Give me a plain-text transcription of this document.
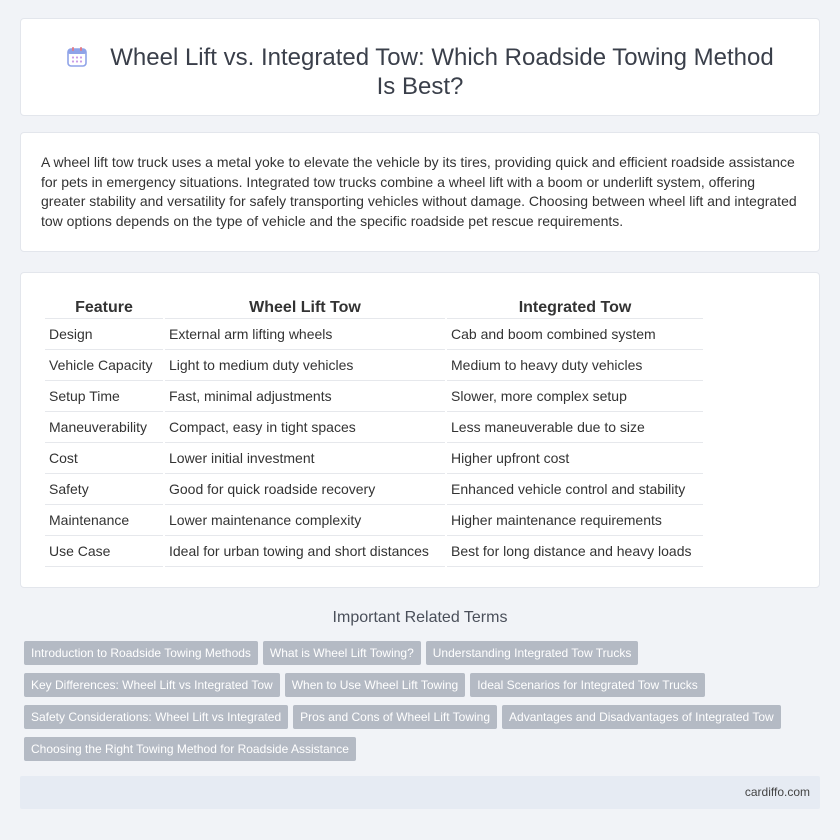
Wheel Lift vs. Integrated Tow: Which Roadside Towing Method Is Best?

A wheel lift tow truck uses a metal yoke to elevate the vehicle by its tires, providing quick and efficient roadside assistance for pets in emergency situations. Integrated tow trucks combine a wheel lift with a boom or underlift system, offering greater stability and versatility for safely transporting vehicles without damage. Choosing between wheel lift and integrated tow options depends on the type of vehicle and the specific roadside pet rescue requirements.

Feature	Wheel Lift Tow	Integrated Tow
Design	External arm lifting wheels	Cab and boom combined system
Vehicle Capacity	Light to medium duty vehicles	Medium to heavy duty vehicles
Setup Time	Fast, minimal adjustments	Slower, more complex setup
Maneuverability	Compact, easy in tight spaces	Less maneuverable due to size
Cost	Lower initial investment	Higher upfront cost
Safety	Good for quick roadside recovery	Enhanced vehicle control and stability
Maintenance	Lower maintenance complexity	Higher maintenance requirements
Use Case	Ideal for urban towing and short distances	Best for long distance and heavy loads
Important Related Terms
Introduction to Roadside Towing Methods What is Wheel Lift Towing? Understanding Integrated Tow Trucks
Key Differences: Wheel Lift vs Integrated Tow When to Use Wheel Lift Towing Ideal Scenarios for Integrated Tow Trucks
Safety Considerations: Wheel Lift vs Integrated Pros and Cons of Wheel Lift Towing Advantages and Disadvantages of Integrated Tow
Choosing the Right Towing Method for Roadside Assistance
cardiffo.com
